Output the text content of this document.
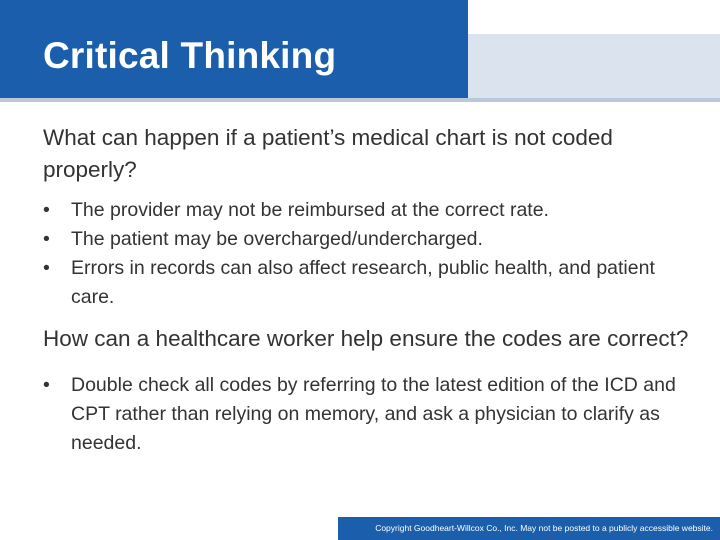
Critical Thinking

What can happen if a patient’s medical chart is not coded properly?

• The provider may not be reimbursed at the correct rate.
• The patient may be overcharged/undercharged.
• Errors in records can also affect research, public health, and patient care.

How can a healthcare worker help ensure the codes are correct?

• Double check all codes by referring to the latest edition of the ICD and CPT rather than relying on memory, and ask a physician to clarify as needed.
Copyright Goodheart-Willcox Co., Inc. May not be posted to a publicly accessible website.
